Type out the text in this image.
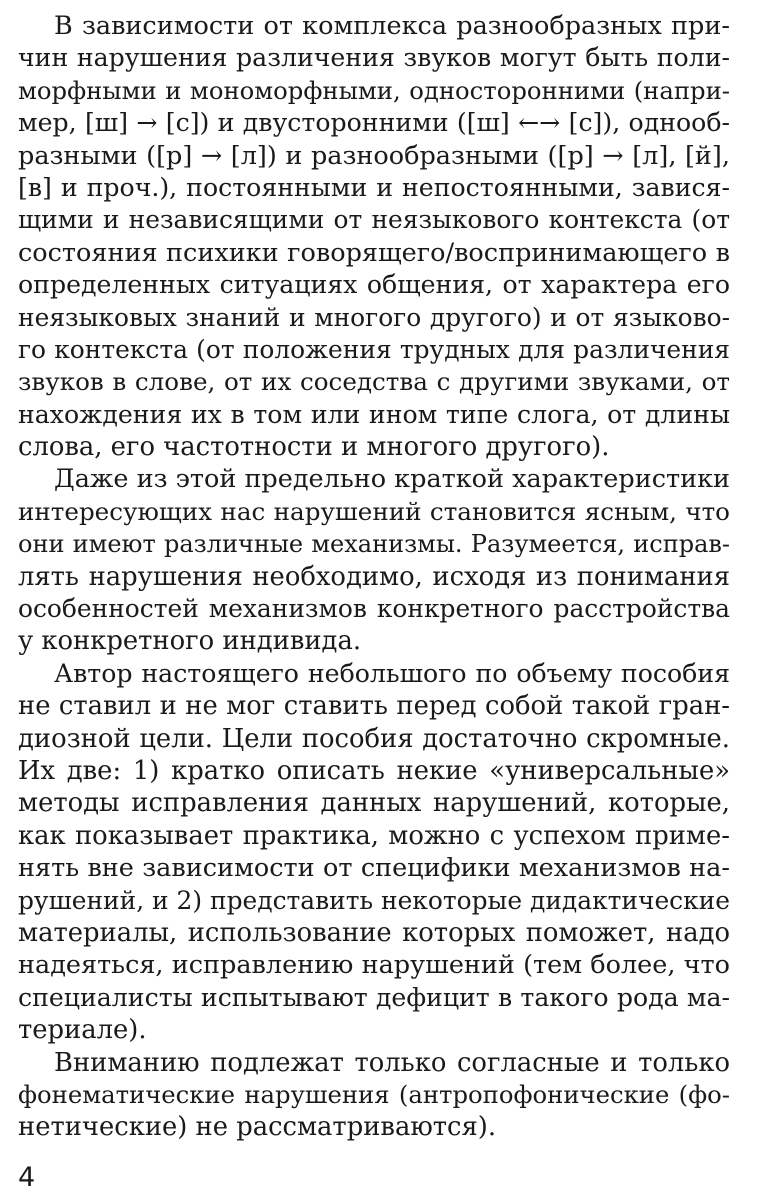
В зависимости от комплекса разнообразных при-
чин нарушения различения звуков могут быть поли-
морфными и мономорфными, односторонними (напри-
мер, [ш] → [с]) и двусторонними ([ш] ←→ [с]), однооб-
разными ([р] → [л]) и разнообразными ([р] → [л], [й],
[в] и проч.), постоянными и непостоянными, завися-
щими и независящими от неязыкового контекста (от
состояния психики говорящего/воспринимающего в
определенных ситуациях общения, от характера его
неязыковых знаний и многого другого) и от языково-
го контекста (от положения трудных для различения
звуков в слове, от их соседства с другими звуками, от
нахождения их в том или ином типе слога, от длины
слова, его частотности и многого другого).
Даже из этой предельно краткой характеристики
интересующих нас нарушений становится ясным, что
они имеют различные механизмы. Разумеется, исправ-
лять нарушения необходимо, исходя из понимания
особенностей механизмов конкретного расстройства
у конкретного индивида.
Автор настоящего небольшого по объему пособия
не ставил и не мог ставить перед собой такой гран-
диозной цели. Цели пособия достаточно скромные.
Их две: 1) кратко описать некие «универсальные»
методы исправления данных нарушений, которые,
как показывает практика, можно с успехом приме-
нять вне зависимости от специфики механизмов на-
рушений, и 2) представить некоторые дидактические
материалы, использование которых поможет, надо
надеяться, исправлению нарушений (тем более, что
специалисты испытывают дефицит в такого рода ма-
териале).
Вниманию подлежат только согласные и только
фонематические нарушения (антропофонические (фо-
нетические) не рассматриваются).
4
